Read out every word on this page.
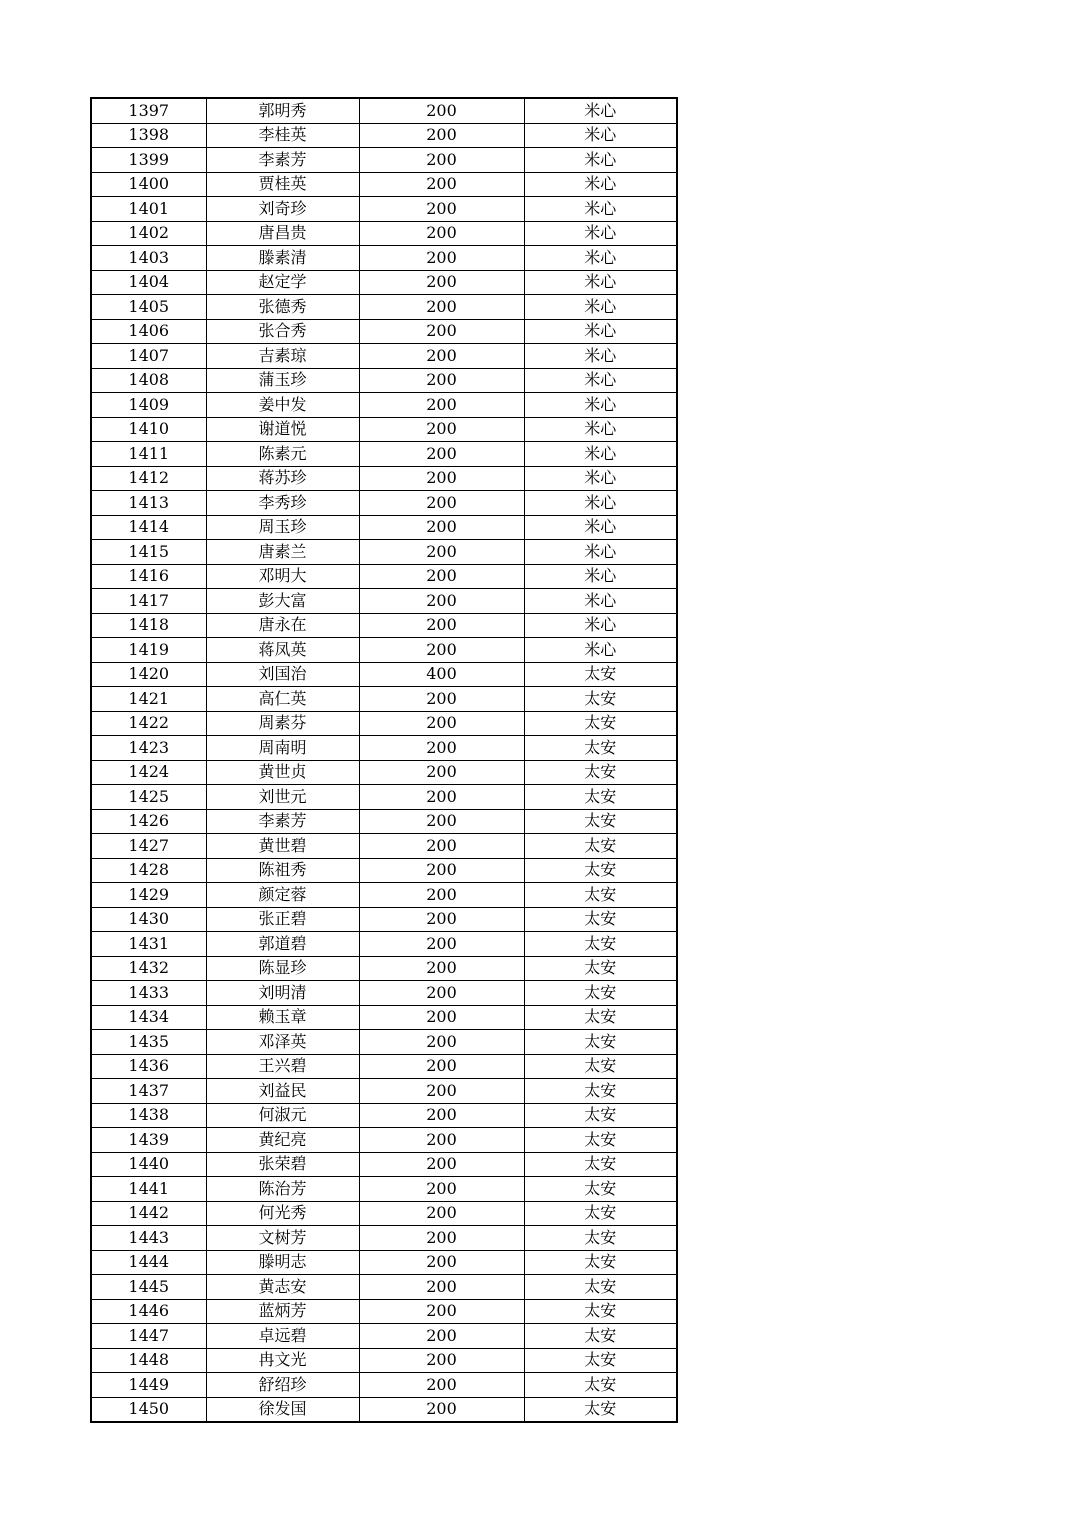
1397	郭明秀	200	米心
1398	李桂英	200	米心
1399	李素芳	200	米心
1400	贾桂英	200	米心
1401	刘奇珍	200	米心
1402	唐昌贵	200	米心
1403	滕素清	200	米心
1404	赵定学	200	米心
1405	张德秀	200	米心
1406	张合秀	200	米心
1407	吉素琼	200	米心
1408	蒲玉珍	200	米心
1409	姜中发	200	米心
1410	谢道悦	200	米心
1411	陈素元	200	米心
1412	蒋苏珍	200	米心
1413	李秀珍	200	米心
1414	周玉珍	200	米心
1415	唐素兰	200	米心
1416	邓明大	200	米心
1417	彭大富	200	米心
1418	唐永在	200	米心
1419	蒋凤英	200	米心
1420	刘国治	400	太安
1421	高仁英	200	太安
1422	周素芬	200	太安
1423	周南明	200	太安
1424	黄世贞	200	太安
1425	刘世元	200	太安
1426	李素芳	200	太安
1427	黄世碧	200	太安
1428	陈祖秀	200	太安
1429	颜定蓉	200	太安
1430	张正碧	200	太安
1431	郭道碧	200	太安
1432	陈显珍	200	太安
1433	刘明清	200	太安
1434	赖玉章	200	太安
1435	邓泽英	200	太安
1436	王兴碧	200	太安
1437	刘益民	200	太安
1438	何淑元	200	太安
1439	黄纪亮	200	太安
1440	张荣碧	200	太安
1441	陈治芳	200	太安
1442	何光秀	200	太安
1443	文树芳	200	太安
1444	滕明志	200	太安
1445	黄志安	200	太安
1446	蓝炳芳	200	太安
1447	卓远碧	200	太安
1448	冉文光	200	太安
1449	舒绍珍	200	太安
1450	徐发国	200	太安
